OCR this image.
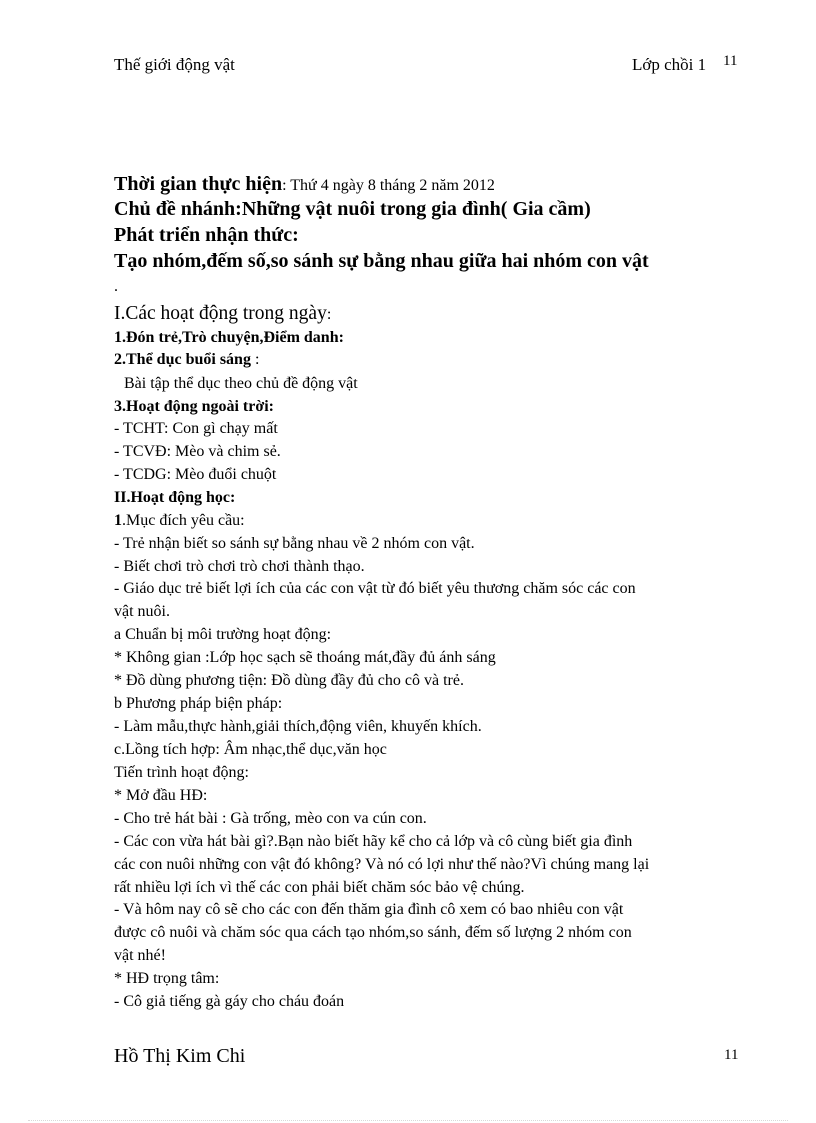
Thế giới động vật	Lớp chồi 1 11
Thời gian thực hiện: Thứ 4 ngày 8 tháng 2 năm 2012
Chủ đề nhánh:Những vật nuôi trong gia đình( Gia cầm)
Phát triển nhận thức:
Tạo nhóm,đếm số,so sánh sự bằng nhau giữa hai nhóm con vật
.
I.Các hoạt động trong ngày:
1.Đón trẻ,Trò chuyện,Điểm danh:
2.Thể dục buổi sáng :
Bài tập thể dục theo chủ đề động vật
3.Hoạt động ngoài trời:
- TCHT: Con gì chạy mất
- TCVĐ: Mèo và chim sẻ.
- TCDG: Mèo đuổi chuột
II.Hoạt động học:
1.Mục đích yêu cầu:
- Trẻ nhận biết so sánh sự bằng nhau về 2 nhóm con vật.
- Biết chơi trò chơi trò chơi thành thạo.
- Giáo dục trẻ biết lợi ích của các con vật từ đó biết yêu thương chăm sóc các con
vật nuôi.
a Chuẩn bị môi trường hoạt động:
* Không gian :Lớp học sạch sẽ thoáng mát,đầy đủ ánh sáng
* Đồ dùng phương tiện: Đồ dùng đầy đủ cho cô và trẻ.
b Phương pháp biện pháp:
- Làm mẫu,thực hành,giải thích,động viên, khuyến khích.
c.Lồng tích hợp: Âm nhạc,thể dục,văn học
Tiến trình hoạt động:
* Mở đầu HĐ:
- Cho trẻ hát bài : Gà trống, mèo con va cún con.
- Các con vừa hát bài gì?.Bạn nào biết hãy kể cho cả lớp và cô cùng biết gia đình
các con nuôi những con vật đó không? Và nó có lợi như thế nào?Vì chúng mang lại
rất nhiều lợi ích vì thế các con phải biết chăm sóc bảo vệ chúng.
- Và hôm nay cô sẽ cho các con đến thăm gia đình cô xem có bao nhiêu con vật
được cô nuôi và chăm sóc qua cách tạo nhóm,so sánh, đếm số lượng 2 nhóm con
vật nhé!
* HĐ trọng tâm:
- Cô giả tiếng gà gáy cho cháu đoán
Hồ Thị Kim Chi	11
